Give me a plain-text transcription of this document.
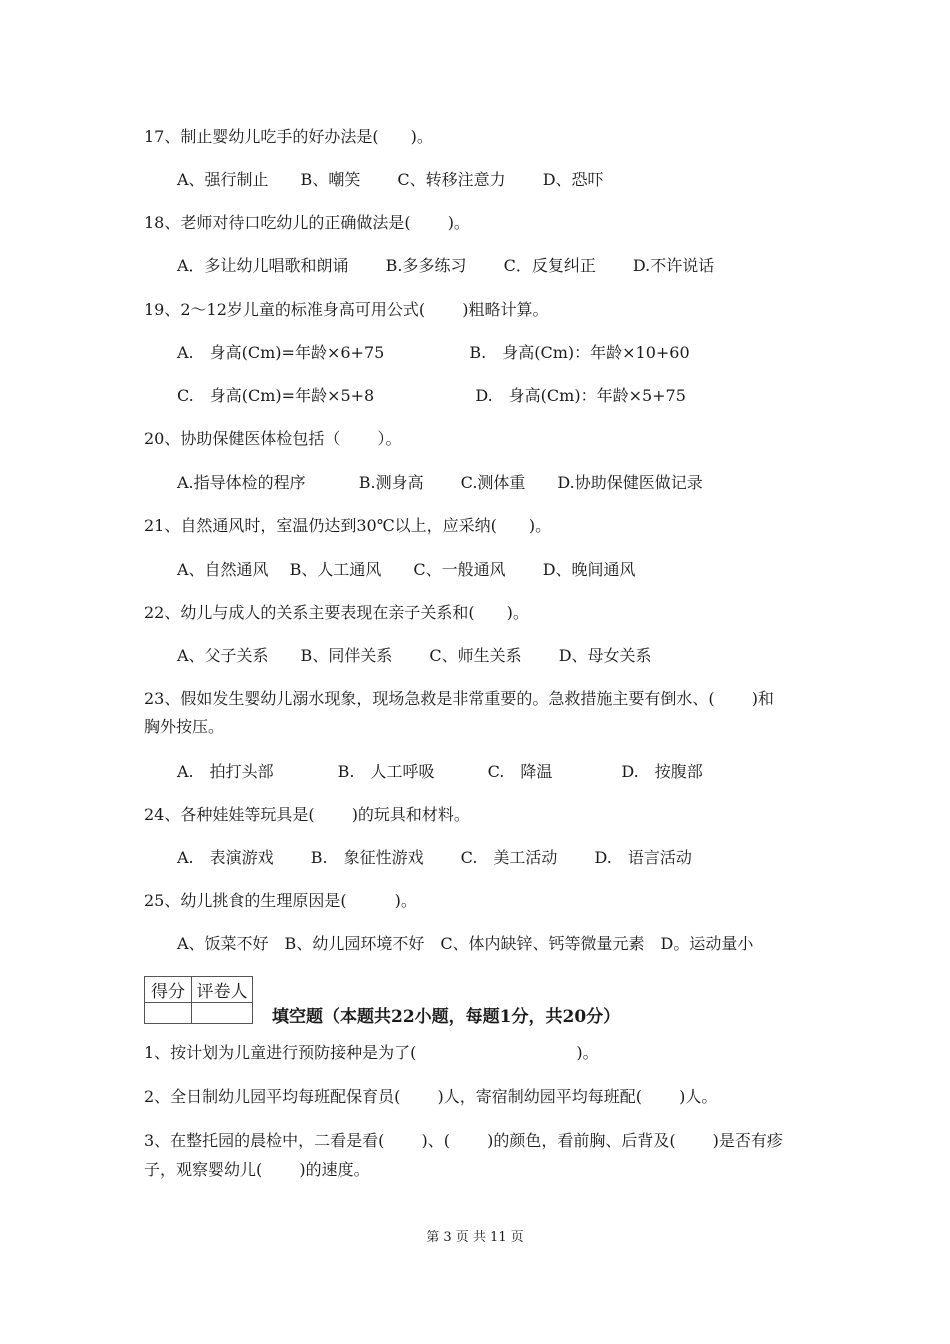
17、制止婴幼儿吃手的好办法是(　　)。
A、强行制止　　B、嘲笑　　 C、转移注意力　　 D、恐吓
18、老师对待口吃幼儿的正确做法是(　　 )。
A．多让幼儿唱歌和朗诵　　 B.多多练习　　 C．反复纠正　　 D.不许说话
19、2～12岁儿童的标准身高可用公式(　　 )粗略计算。
A.　身高(Cm)=年龄×6+75　　　　　 B.　身高(Cm)：年龄×10+60
C.　身高(Cm)=年龄×5+8　　　　　　 D.　身高(Cm)：年龄×5+75
20、协助保健医体检包括（　　 ）。
A.指导体检的程序　　　 B.测身高　　 C.测体重　　D.协助保健医做记录
21、自然通风时，室温仍达到30℃以上，应采纳(　　)。
A、自然通风　 B、人工通风　　C、一般通风　　 D、晚间通风
22、幼儿与成人的关系主要表现在亲子关系和(　　)。
A、父子关系　　B、同伴关系　　 C、师生关系　　 D、母女关系
23、假如发生婴幼儿溺水现象，现场急救是非常重要的。急救措施主要有倒水、(　　 )和
胸外按压。
A.　拍打头部　　　　B.　人工呼吸　　　 C.　降温　　　　 D.　按腹部
24、各种娃娃等玩具是(　　 )的玩具和材料。
A.　表演游戏　　 B.　象征性游戏　　 C.　美工活动　　 D.　语言活动
25、幼儿挑食的生理原因是(　　　)。
A、饭菜不好　B、幼儿园环境不好　C、体内缺锌、钙等微量元素　D。运动量小
得分	评卷人

填空题（本题共22小题，每题1分，共20分）
1、按计划为儿童进行预防接种是为了(　　　　　　　　　　)。
2、全日制幼儿园平均每班配保育员(　　 )人，寄宿制幼园平均每班配(　　 )人。
3、在整托园的晨检中，二看是看(　　 )、(　　 )的颜色，看前胸、后背及(　　 )是否有疹
子，观察婴幼儿(　　 )的速度。
第 3 页 共 11 页
